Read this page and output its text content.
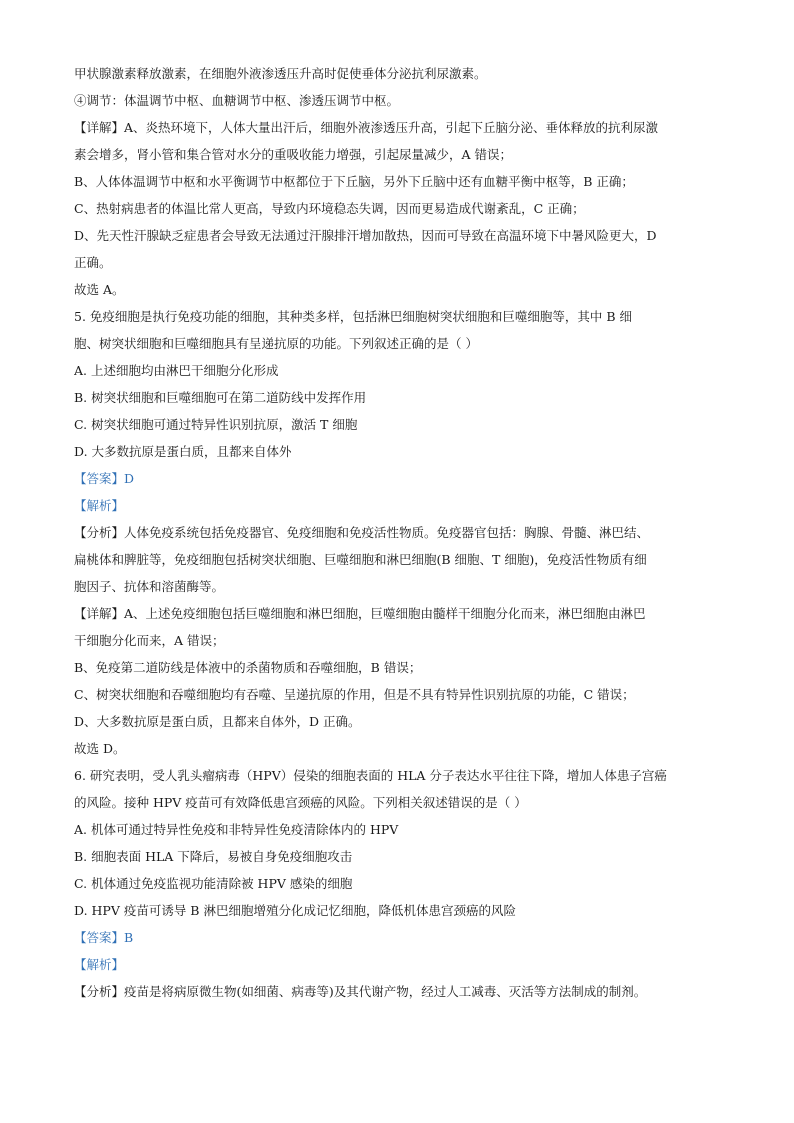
甲状腺激素释放激素，在细胞外液渗透压升高时促使垂体分泌抗利尿激素。
④调节：体温调节中枢、血糖调节中枢、渗透压调节中枢。
【详解】A、炎热环境下，人体大量出汗后，细胞外液渗透压升高，引起下丘脑分泌、垂体释放的抗利尿激
素会增多，肾小管和集合管对水分的重吸收能力增强，引起尿量减少，A 错误；
B、人体体温调节中枢和水平衡调节中枢都位于下丘脑，另外下丘脑中还有血糖平衡中枢等，B 正确；
C、热射病患者的体温比常人更高，导致内环境稳态失调，因而更易造成代谢紊乱，C 正确；
D、先天性汗腺缺乏症患者会导致无法通过汗腺排汗增加散热，因而可导致在高温环境下中暑风险更大，D
正确。
故选 A。
5. 免疫细胞是执行免疫功能的细胞，其种类多样，包括淋巴细胞树突状细胞和巨噬细胞等，其中 B 细
胞、树突状细胞和巨噬细胞具有呈递抗原的功能。下列叙述正确的是（ ）
A. 上述细胞均由淋巴干细胞分化形成
B. 树突状细胞和巨噬细胞可在第二道防线中发挥作用
C. 树突状细胞可通过特异性识别抗原，激活 T 细胞
D. 大多数抗原是蛋白质，且都来自体外
【答案】D
【解析】
【分析】人体免疫系统包括免疫器官、免疫细胞和免疫活性物质。免疫器官包括：胸腺、骨髓、淋巴结、
扁桃体和脾脏等，免疫细胞包括树突状细胞、巨噬细胞和淋巴细胞(B 细胞、T 细胞)，免疫活性物质有细
胞因子、抗体和溶菌酶等。
【详解】A、上述免疫细胞包括巨噬细胞和淋巴细胞，巨噬细胞由髓样干细胞分化而来，淋巴细胞由淋巴
干细胞分化而来，A 错误；
B、免疫第二道防线是体液中的杀菌物质和吞噬细胞，B 错误；
C、树突状细胞和吞噬细胞均有吞噬、呈递抗原的作用，但是不具有特异性识别抗原的功能，C 错误；
D、大多数抗原是蛋白质，且都来自体外，D 正确。
故选 D。
6. 研究表明，受人乳头瘤病毒（HPV）侵染的细胞表面的 HLA 分子表达水平往往下降，增加人体患子宫癌
的风险。接种 HPV 疫苗可有效降低患宫颈癌的风险。下列相关叙述错误的是（ ）
A. 机体可通过特异性免疫和非特异性免疫清除体内的 HPV
B. 细胞表面 HLA 下降后，易被自身免疫细胞攻击
C. 机体通过免疫监视功能清除被 HPV 感染的细胞
D. HPV 疫苗可诱导 B 淋巴细胞增殖分化成记忆细胞，降低机体患宫颈癌的风险
【答案】B
【解析】
【分析】疫苗是将病原微生物(如细菌、病毒等)及其代谢产物，经过人工减毒、灭活等方法制成的制剂。
